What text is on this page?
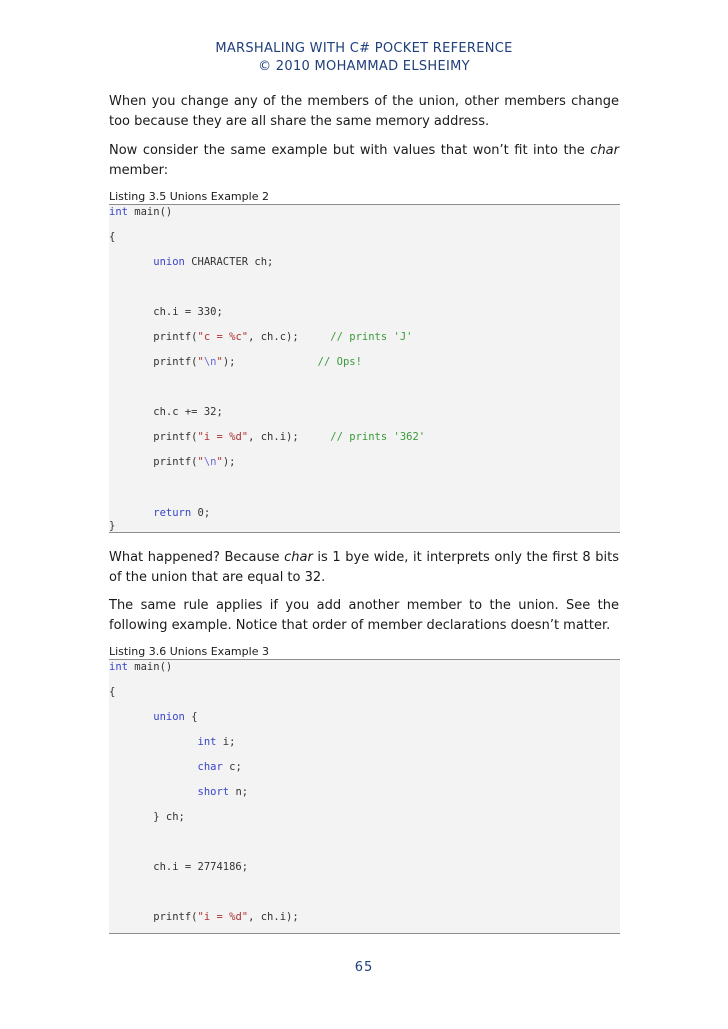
MARSHALING WITH C# POCKET REFERENCE
© 2010 MOHAMMAD ELSHEIMY
When you change any of the members of the union, other members change too because they are all share the same memory address.
Now consider the same example but with values that won’t fit into the char member:
Listing 3.5 Unions Example 2
int main()
{
union CHARACTER ch;
ch.i = 330;
printf("c = %c", ch.c);     // prints 'J'
printf("\n");             // Ops!
ch.c += 32;
printf("i = %d", ch.i);     // prints '362'
printf("\n");
return 0;
}
What happened? Because char is 1 bye wide, it interprets only the first 8 bits of the union that are equal to 32.
The same rule applies if you add another member to the union. See the following example. Notice that order of member declarations doesn’t matter.
Listing 3.6 Unions Example 3
int main()
{
union {
int i;
char c;
short n;
} ch;
ch.i = 2774186;
printf("i = %d", ch.i);
65
